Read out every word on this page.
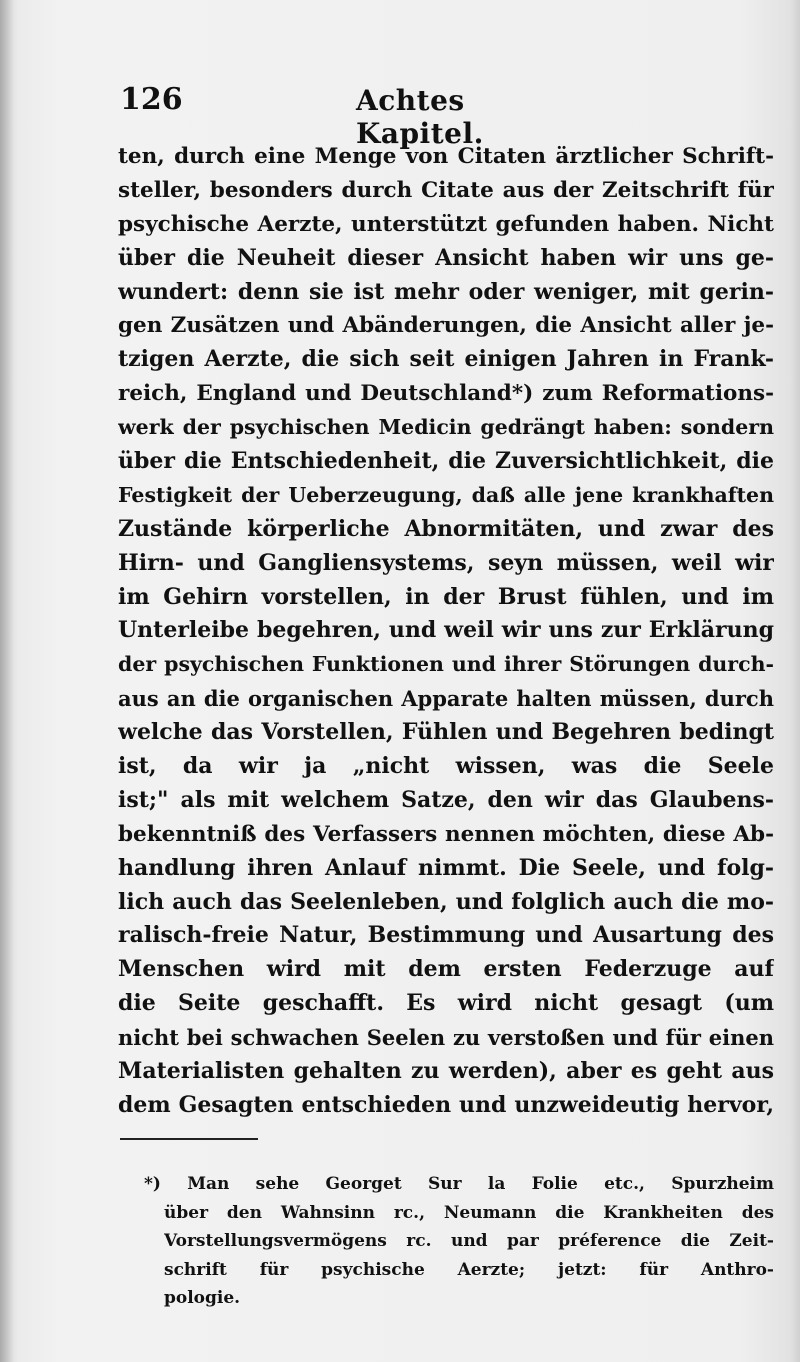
126	Achtes Kapitel.
ten, durch eine Menge von Citaten ärztlicher Schrift-
steller, besonders durch Citate aus der Zeitschrift für
psychische Aerzte, unterstützt gefunden haben. Nicht
über die Neuheit dieser Ansicht haben wir uns ge-
wundert: denn sie ist mehr oder weniger, mit gerin-
gen Zusätzen und Abänderungen, die Ansicht aller je-
tzigen Aerzte, die sich seit einigen Jahren in Frank-
reich, England und Deutschland*) zum Reformations-
werk der psychischen Medicin gedrängt haben: sondern
über die Entschiedenheit, die Zuversichtlichkeit, die
Festigkeit der Ueberzeugung, daß alle jene krankhaften
Zustände körperliche Abnormitäten, und zwar des
Hirn- und Gangliensystems, seyn müssen, weil wir
im Gehirn vorstellen, in der Brust fühlen, und im
Unterleibe begehren, und weil wir uns zur Erklärung
der psychischen Funktionen und ihrer Störungen durch-
aus an die organischen Apparate halten müssen, durch
welche das Vorstellen, Fühlen und Begehren bedingt
ist, da wir ja „nicht wissen, was die Seele
ist;" als mit welchem Satze, den wir das Glaubens-
bekenntniß des Verfassers nennen möchten, diese Ab-
handlung ihren Anlauf nimmt. Die Seele, und folg-
lich auch das Seelenleben, und folglich auch die mo-
ralisch-freie Natur, Bestimmung und Ausartung des
Menschen wird mit dem ersten Federzuge auf
die Seite geschafft. Es wird nicht gesagt (um
nicht bei schwachen Seelen zu verstoßen und für einen
Materialisten gehalten zu werden), aber es geht aus
dem Gesagten entschieden und unzweideutig hervor,
*) Man sehe Georget Sur la Folie etc., Spurzheim
über den Wahnsinn rc., Neumann die Krankheiten des
Vorstellungsvermögens rc. und par préference die Zeit-
schrift für psychische Aerzte; jetzt: für Anthro-
pologie.
